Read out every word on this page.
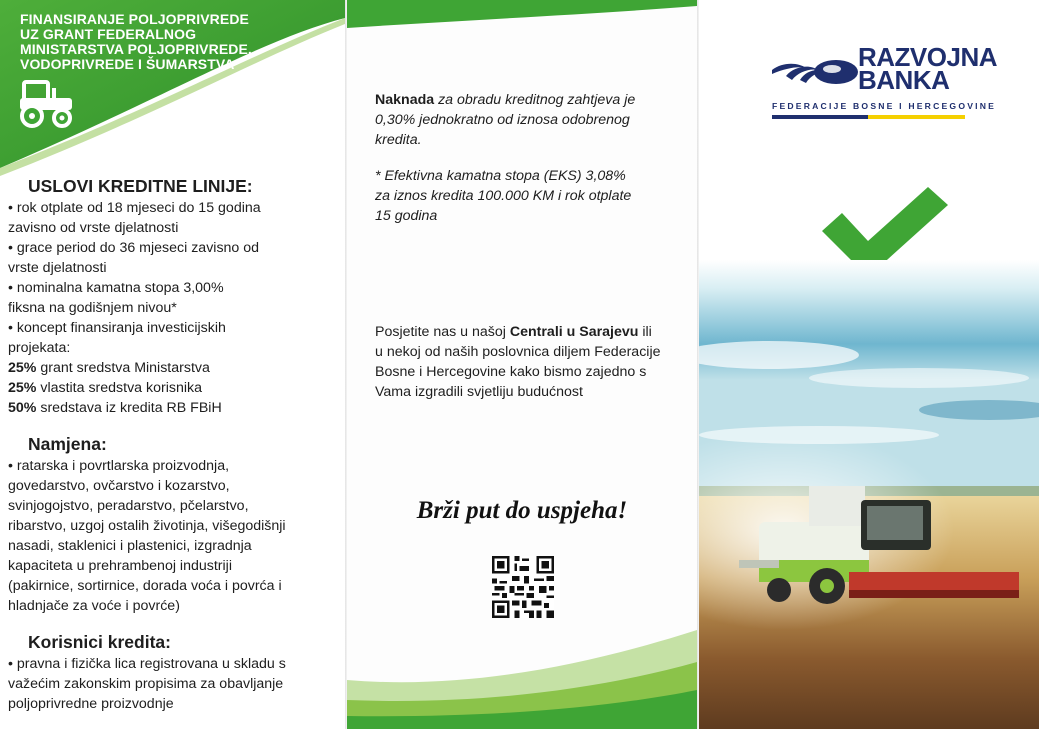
FINANSIRANJE POLJOPRIVREDE
UZ GRANT FEDERALNOG
MINISTARSTVA POLJOPRIVREDE,
VODOPRIVREDE I ŠUMARSTVA
USLOVI KREDITNE LINIJE:
• rok otplate od 18 mjeseci do 15 godina
zavisno od vrste djelatnosti
• grace period do 36 mjeseci zavisno od
vrste djelatnosti
• nominalna kamatna stopa 3,00%
fiksna na godišnjem nivou*
• koncept finansiranja investicijskih
projekata:
25% grant sredstva Ministarstva
25% vlastita sredstva korisnika
50% sredstava iz kredita RB FBiH
Namjena:
• ratarska i povrtlarska proizvodnja,
govedarstvo, ovčarstvo i kozarstvo,
svinjogojstvo, peradarstvo, pčelarstvo,
ribarstvo, uzgoj ostalih životinja, višegodišnji
nasadi, staklenici i plastenici, izgradnja
kapaciteta u prehrambenoj industriji
(pakirnice, sortirnice, dorada voća i povrća i
hladnjače za voće i povrće)
Korisnici kredita:
• pravna i fizička lica registrovana u skladu s
važećim zakonskim propisima za obavljanje
poljoprivredne proizvodnje
Naknada za obradu kreditnog zahtjeva je
0,30% jednokratno od iznosa odobrenog
kredita.
* Efektivna kamatna stopa (EKS) 3,08%
za iznos kredita 100.000 KM i rok otplate
15 godina
Posjetite nas u našoj Centrali u Sarajevu ili
u nekoj od naših poslovnica diljem Federacije
Bosne i Hercegovine kako bismo zajedno s
Vama izgradili svjetliju budućnost
Brži put do uspjeha!
RAZVOJNA
BANKA
FEDERACIJE BOSNE I HERCEGOVINE
